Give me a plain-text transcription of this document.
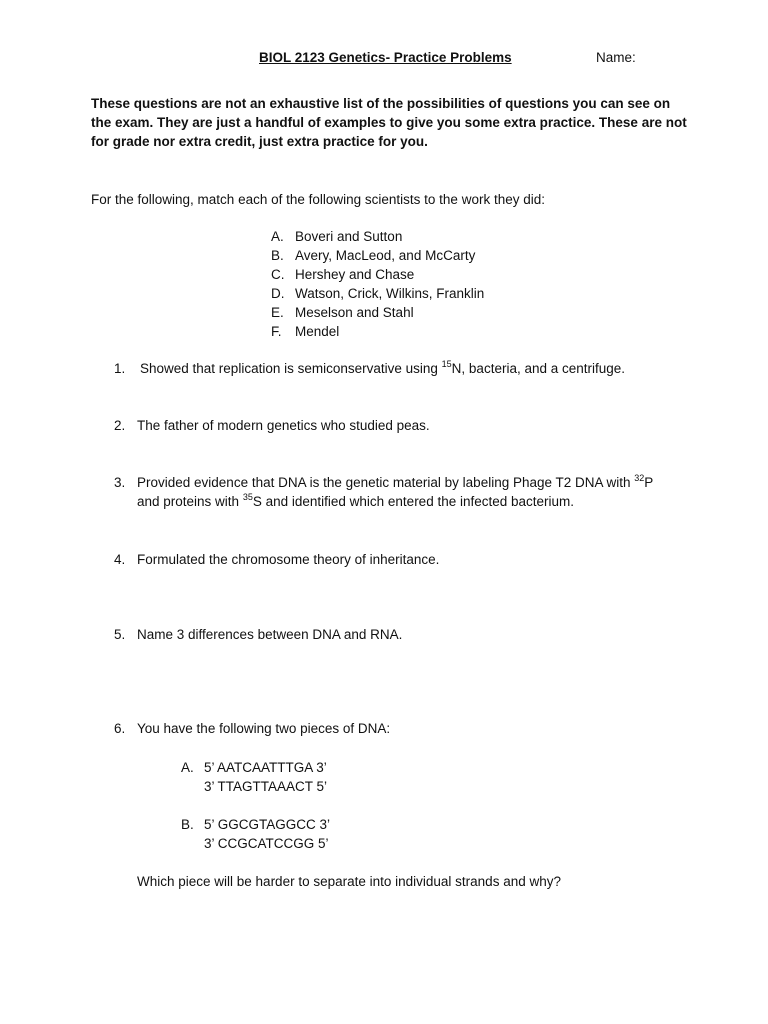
BIOL 2123 Genetics- Practice Problems	Name:
These questions are not an exhaustive list of the possibilities of questions you can see on the exam. They are just a handful of examples to give you some extra practice. These are not for grade nor extra credit, just extra practice for you.
For the following, match each of the following scientists to the work they did:
A. Boveri and Sutton
B. Avery, MacLeod, and McCarty
C. Hershey and Chase
D. Watson, Crick, Wilkins, Franklin
E. Meselson and Stahl
F. Mendel
1.	Showed that replication is semiconservative using $^{15}$N, bacteria, and a centrifuge.
2. The father of modern genetics who studied peas.
3. Provided evidence that DNA is the genetic material by labeling Phage T2 DNA with $^{32}$P and proteins with $^{35}$S and identified which entered the infected bacterium.
4. Formulated the chromosome theory of inheritance.
5. Name 3 differences between DNA and RNA.
6. You have the following two pieces of DNA:
A. 5’ AATCAATTTGA 3’
3’ TTAGTTAAACT 5’
B. 5’ GGCGTAGGCC 3’
3’ CCGCATCCGG 5’
Which piece will be harder to separate into individual strands and why?
